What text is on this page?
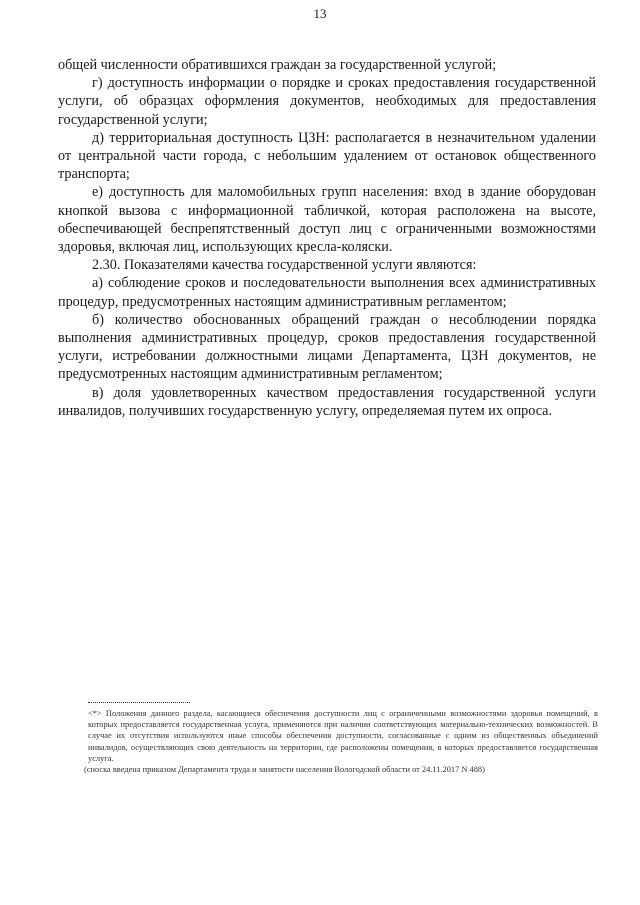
13

общей численности обратившихся граждан за государственной услугой;

г) доступность информации о порядке и сроках предоставления государственной услуги, об образцах оформления документов, необходимых для предоставления государственной услуги;

д) территориальная доступность ЦЗН: располагается в незначительном удалении от центральной части города, с небольшим удалением от остановок общественного транспорта;

е) доступность для маломобильных групп населения: вход в здание оборудован кнопкой вызова с информационной табличкой, которая расположена на высоте, обеспечивающей беспрепятственный доступ лиц с ограниченными возможностями здоровья, включая лиц, использующих кресла-коляски.

2.30. Показателями качества государственной услуги являются:

а) соблюдение сроков и последовательности выполнения всех административных процедур, предусмотренных настоящим административным регламентом;

б) количество обоснованных обращений граждан о несоблюдении порядка выполнения административных процедур, сроков предоставления государственной услуги, истребовании должностными лицами Департамента, ЦЗН документов, не предусмотренных настоящим административным регламентом;

в) доля удовлетворенных качеством предоставления государственной услуги инвалидов, получивших государственную услугу, определяемая путем их опроса.

<*> Положения данного раздела, касающиеся обеспечения доступности лиц с ограниченными возможностями здоровья помещений, в которых предоставляется государственная услуга, применяются при наличии соответствующих материально-технических возможностей. В случае их отсутствия используются иные способы обеспечения доступности, согласованные с одним из общественных объединений инвалидов, осуществляющих свою деятельность на территории, где расположены помещения, в которых предоставляется государственная услуга.

(сноска введена приказом Департамента труда и занятости населения Вологодской области от 24.11.2017 N 488)
